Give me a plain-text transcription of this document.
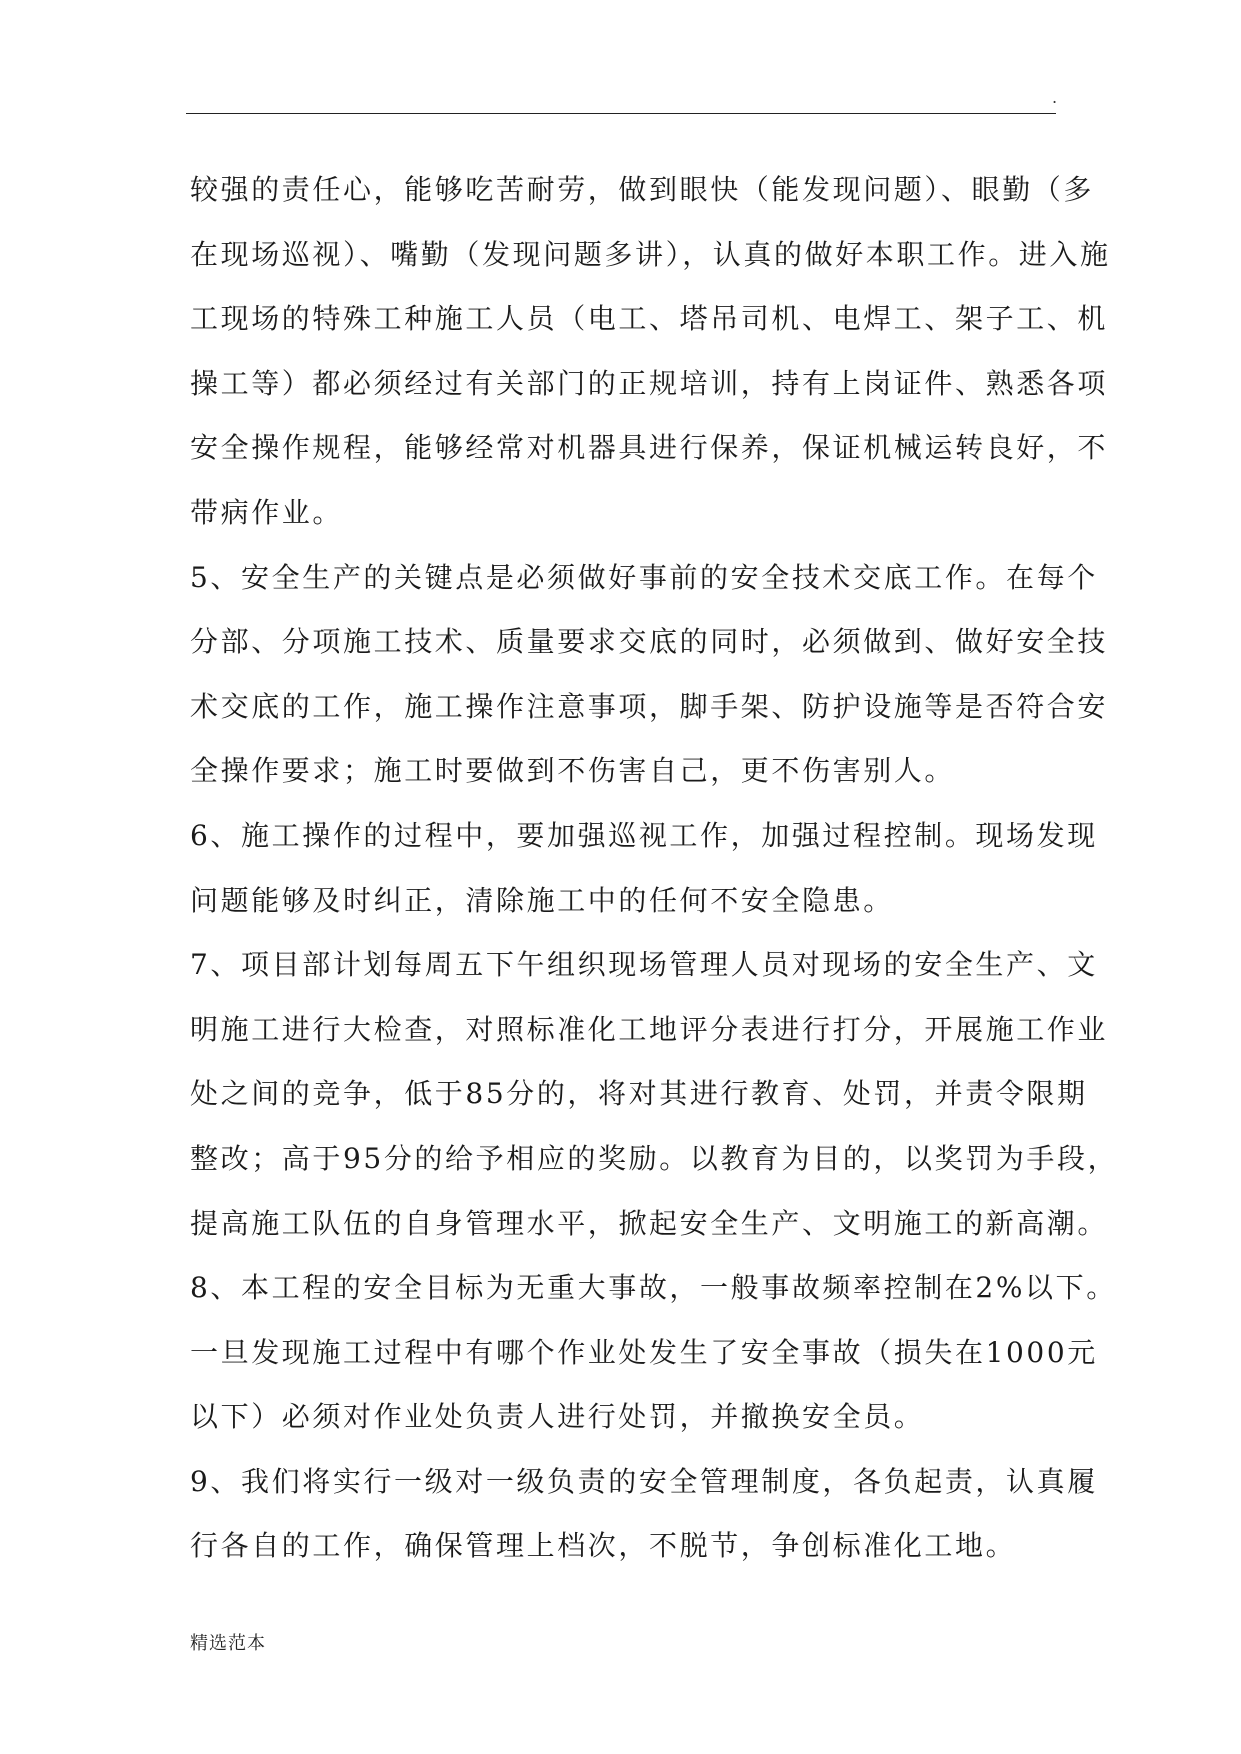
.
较强的责任心，能够吃苦耐劳，做到眼快（能发现问题）、眼勤（多
在现场巡视）、嘴勤（发现问题多讲），认真的做好本职工作。进入施
工现场的特殊工种施工人员（电工、塔吊司机、电焊工、架子工、机
操工等）都必须经过有关部门的正规培训，持有上岗证件、熟悉各项
安全操作规程，能够经常对机器具进行保养，保证机械运转良好，不
带病作业。
5、安全生产的关键点是必须做好事前的安全技术交底工作。在每个
分部、分项施工技术、质量要求交底的同时，必须做到、做好安全技
术交底的工作，施工操作注意事项，脚手架、防护设施等是否符合安
全操作要求；施工时要做到不伤害自己，更不伤害别人。
6、施工操作的过程中，要加强巡视工作，加强过程控制。现场发现
问题能够及时纠正，清除施工中的任何不安全隐患。
7、项目部计划每周五下午组织现场管理人员对现场的安全生产、文
明施工进行大检查，对照标准化工地评分表进行打分，开展施工作业
处之间的竞争，低于85分的，将对其进行教育、处罚，并责令限期
整改；高于95分的给予相应的奖励。以教育为目的，以奖罚为手段，
提高施工队伍的自身管理水平，掀起安全生产、文明施工的新高潮。
8、本工程的安全目标为无重大事故，一般事故频率控制在2%以下。
一旦发现施工过程中有哪个作业处发生了安全事故（损失在1000元
以下）必须对作业处负责人进行处罚，并撤换安全员。
9、我们将实行一级对一级负责的安全管理制度，各负起责，认真履
行各自的工作，确保管理上档次，不脱节，争创标准化工地。
精选范本
